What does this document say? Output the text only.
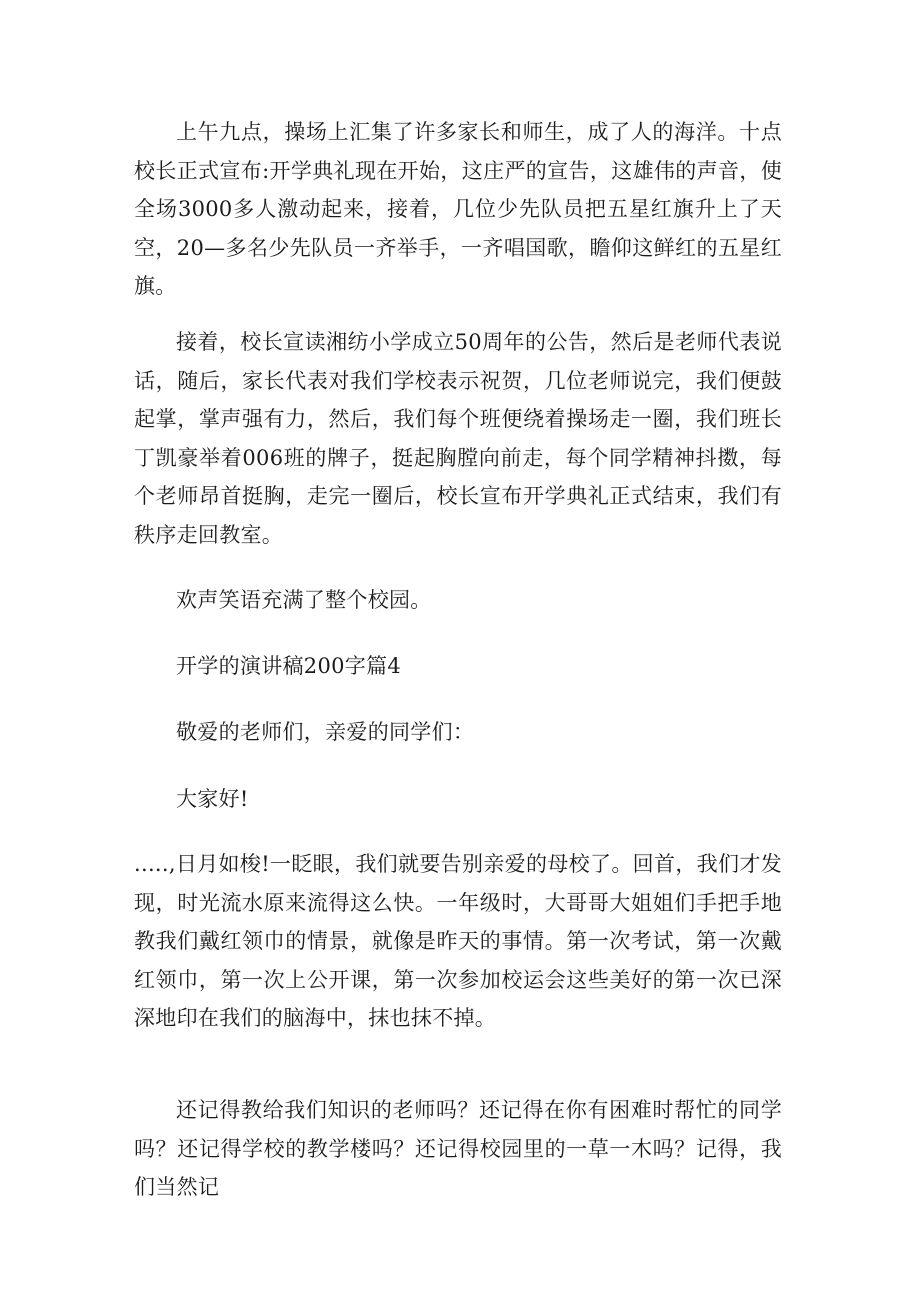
上午九点，操场上汇集了许多家长和师生，成了人的海洋。十点校长正式宣布:开学典礼现在开始，这庄严的宣告，这雄伟的声音，使全场3000多人激动起来，接着，几位少先队员把五星红旗升上了天空，20—多名少先队员一齐举手，一齐唱国歌，瞻仰这鲜红的五星红旗。

接着，校长宣读湘纺小学成立50周年的公告，然后是老师代表说话，随后，家长代表对我们学校表示祝贺，几位老师说完，我们便鼓起掌，掌声强有力，然后，我们每个班便绕着操场走一圈，我们班长丁凯豪举着006班的牌子，挺起胸膛向前走，每个同学精神抖擞，每个老师昂首挺胸，走完一圈后，校长宣布开学典礼正式结束，我们有秩序走回教室。

欢声笑语充满了整个校园。

开学的演讲稿200字篇4

敬爱的老师们，亲爱的同学们：

大家好!

.....,日月如梭!一眨眼，我们就要告别亲爱的母校了。回首，我们才发现，时光流水原来流得这么快。一年级时，大哥哥大姐姐们手把手地教我们戴红领巾的情景，就像是昨天的事情。第一次考试，第一次戴红领巾，第一次上公开课，第一次参加校运会这些美好的第一次已深深地印在我们的脑海中，抹也抹不掉。

还记得教给我们知识的老师吗？还记得在你有困难时帮忙的同学吗？还记得学校的教学楼吗？还记得校园里的一草一木吗？记得，我们当然记
